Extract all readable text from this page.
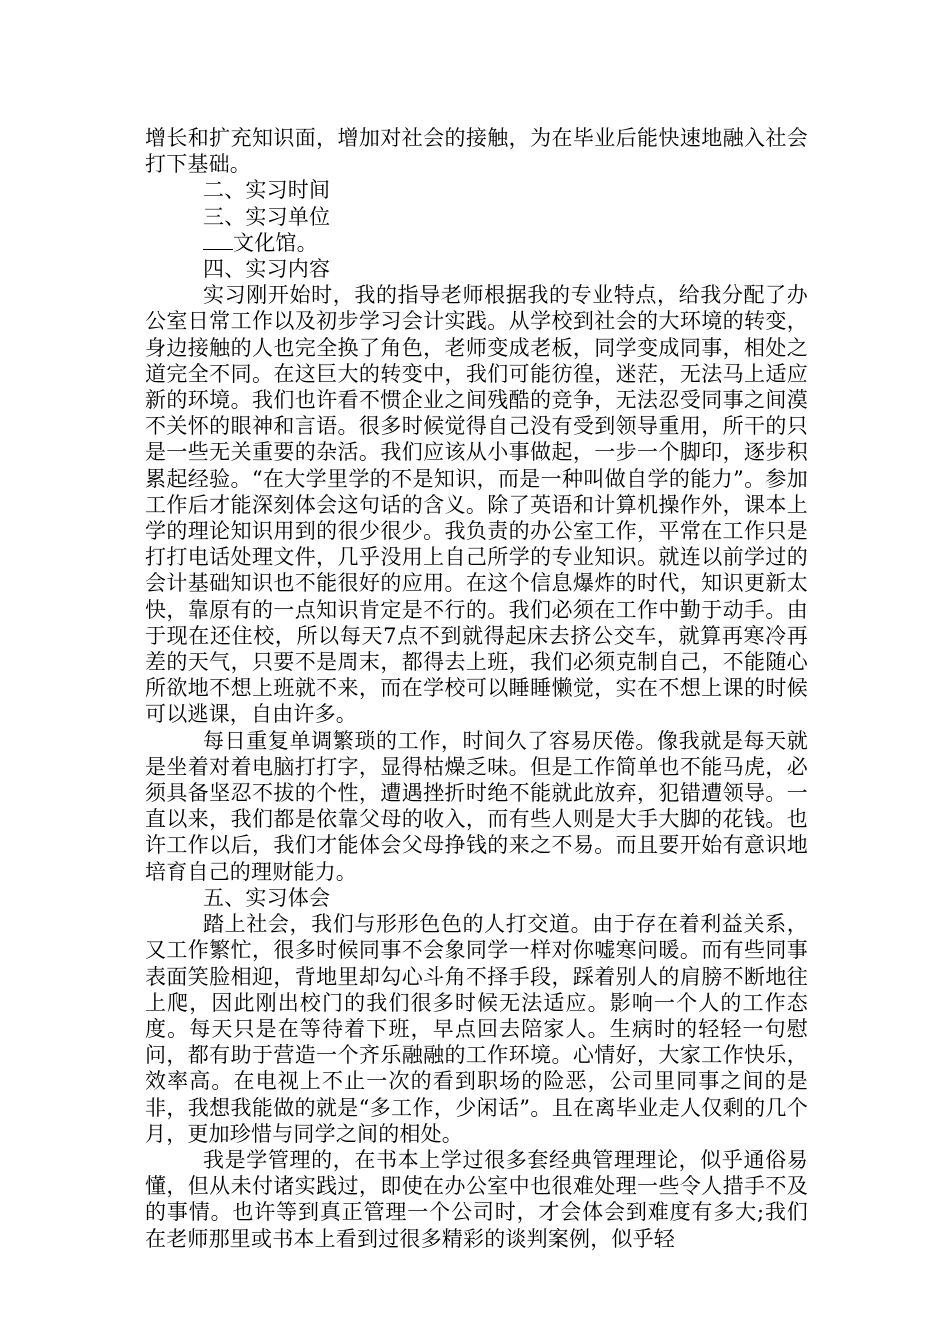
增长和扩充知识面，增加对社会的接触，为在毕业后能快速地融入社会打下基础。

二、实习时间

三、实习单位

文化馆。

四、实习内容

实习刚开始时，我的指导老师根据我的专业特点，给我分配了办公室日常工作以及初步学习会计实践。从学校到社会的大环境的转变，身边接触的人也完全换了角色，老师变成老板，同学变成同事，相处之道完全不同。在这巨大的转变中，我们可能彷徨，迷茫，无法马上适应新的环境。我们也许看不惯企业之间残酷的竞争，无法忍受同事之间漠不关怀的眼神和言语。很多时候觉得自己没有受到领导重用，所干的只是一些无关重要的杂活。我们应该从小事做起，一步一个脚印，逐步积累起经验。“在大学里学的不是知识，而是一种叫做自学的能力”。参加工作后才能深刻体会这句话的含义。除了英语和计算机操作外，课本上学的理论知识用到的很少很少。我负责的办公室工作，平常在工作只是打打电话处理文件，几乎没用上自己所学的专业知识。就连以前学过的会计基础知识也不能很好的应用。在这个信息爆炸的时代，知识更新太快，靠原有的一点知识肯定是不行的。我们必须在工作中勤于动手。由于现在还住校，所以每天7点不到就得起床去挤公交车，就算再寒冷再差的天气，只要不是周末，都得去上班，我们必须克制自己，不能随心所欲地不想上班就不来，而在学校可以睡睡懒觉，实在不想上课的时候可以逃课，自由许多。

每日重复单调繁琐的工作，时间久了容易厌倦。像我就是每天就是坐着对着电脑打打字，显得枯燥乏味。但是工作简单也不能马虎，必须具备坚忍不拔的个性，遭遇挫折时绝不能就此放弃，犯错遭领导。一直以来，我们都是依靠父母的收入，而有些人则是大手大脚的花钱。也许工作以后，我们才能体会父母挣钱的来之不易。而且要开始有意识地培育自己的理财能力。

五、实习体会

踏上社会，我们与形形色色的人打交道。由于存在着利益关系，又工作繁忙，很多时候同事不会象同学一样对你嘘寒问暖。而有些同事表面笑脸相迎，背地里却勾心斗角不择手段，踩着别人的肩膀不断地往上爬，因此刚出校门的我们很多时候无法适应。影响一个人的工作态度。每天只是在等待着下班，早点回去陪家人。生病时的轻轻一句慰问，都有助于营造一个齐乐融融的工作环境。心情好，大家工作快乐，效率高。在电视上不止一次的看到职场的险恶，公司里同事之间的是非，我想我能做的就是“多工作，少闲话”。且在离毕业走人仅剩的几个月，更加珍惜与同学之间的相处。

我是学管理的，在书本上学过很多套经典管理理论，似乎通俗易懂，但从未付诸实践过，即使在办公室中也很难处理一些令人措手不及的事情。也许等到真正管理一个公司时，才会体会到难度有多大;我们在老师那里或书本上看到过很多精彩的谈判案例，似乎轻
